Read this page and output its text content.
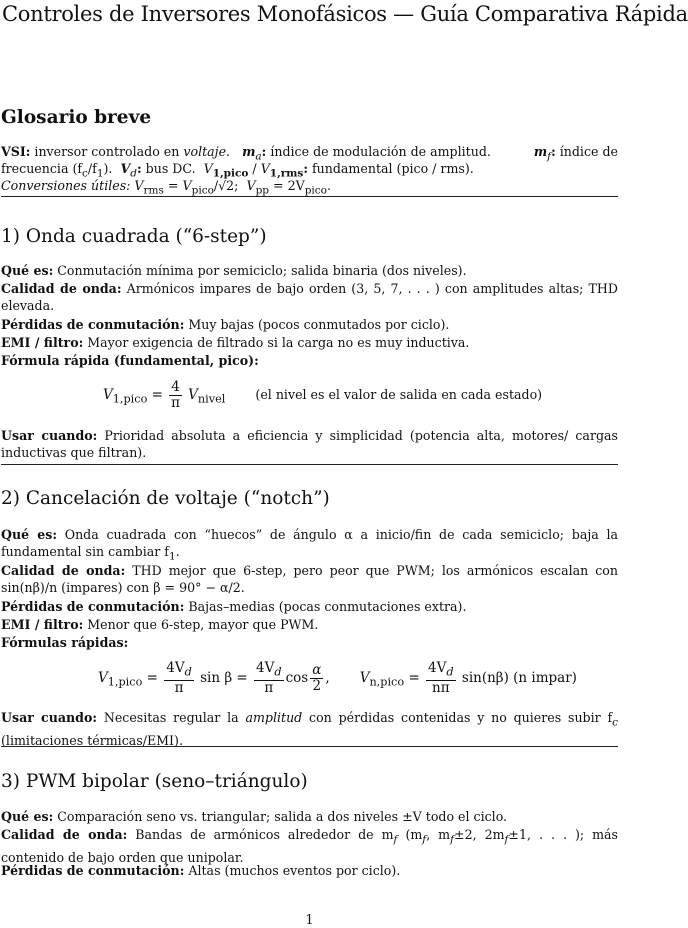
Controles de Inversores Monofásicos — Guía Comparativa Rápida
Glosario breve
VSI: inversor controlado en voltaje. $m_a$: índice de modulación de amplitud.	$m_f$: índice de
frecuencia $(f_c/f_1)$. $V_d$: bus DC. $V_{1,pico} / V_{1,rms}$: fundamental (pico / rms).
Conversiones útiles: $V_{rms} = V_{pico}/√2$; $V_{pp} = 2V_{pico}$.
1) Onda cuadrada (“6-step”)
Qué es: Conmutación mínima por semiciclo; salida binaria (dos niveles).
Calidad de onda: Armónicos impares de bajo orden (3, 5, 7, . . . ) con amplitudes altas; THD elevada.
Pérdidas de conmutación: Muy bajas (pocos conmutados por ciclo).
EMI / filtro: Mayor exigencia de filtrado si la carga no es muy inductiva.
Fórmula rápida (fundamental, pico):
$V_{1,pico} = \frac{4}{\pi} V_{nivel}$ (el nivel es el valor de salida en cada estado)
Usar cuando: Prioridad absoluta a eficiencia y simplicidad (potencia alta, motores/ cargas inductivas que filtran).
2) Cancelación de voltaje (“notch”)
Qué es: Onda cuadrada con “huecos” de ángulo α a inicio/fin de cada semiciclo; baja la fundamental sin cambiar $f_1$.
Calidad de onda: THD mejor que 6-step, pero peor que PWM; los armónicos escalan con sin(nβ)/n (impares) con β = 90° − α/2.
Pérdidas de conmutación: Bajas–medias (pocas conmutaciones extra).
EMI / filtro: Menor que 6-step, mayor que PWM.
Fórmulas rápidas:
$V_{1,pico} = \frac{4V_d}{\pi}$ $\sin \beta = \frac{4V_d}{\pi}$ $\cos \frac{\alpha}{2}$ , $V_{n,pico} = \frac{4V_d}{n\pi} \sin(n\beta)$ (n impar)
Usar cuando: Necesitas regular la amplitud con pérdidas contenidas y no quieres subir $f_c$ (limitaciones térmicas/EMI).
3) PWM bipolar (seno–triángulo)
Qué es: Comparación seno vs. triangular; salida a dos niveles ±V todo el ciclo.
Calidad de onda: Bandas de armónicos alrededor de $m_f$ ($m_f$, $m_f\pm 2$, $2m_f\pm 1$, . . . ); más contenido de bajo orden que unipolar.
Pérdidas de conmutación: Altas (muchos eventos por ciclo).
1
